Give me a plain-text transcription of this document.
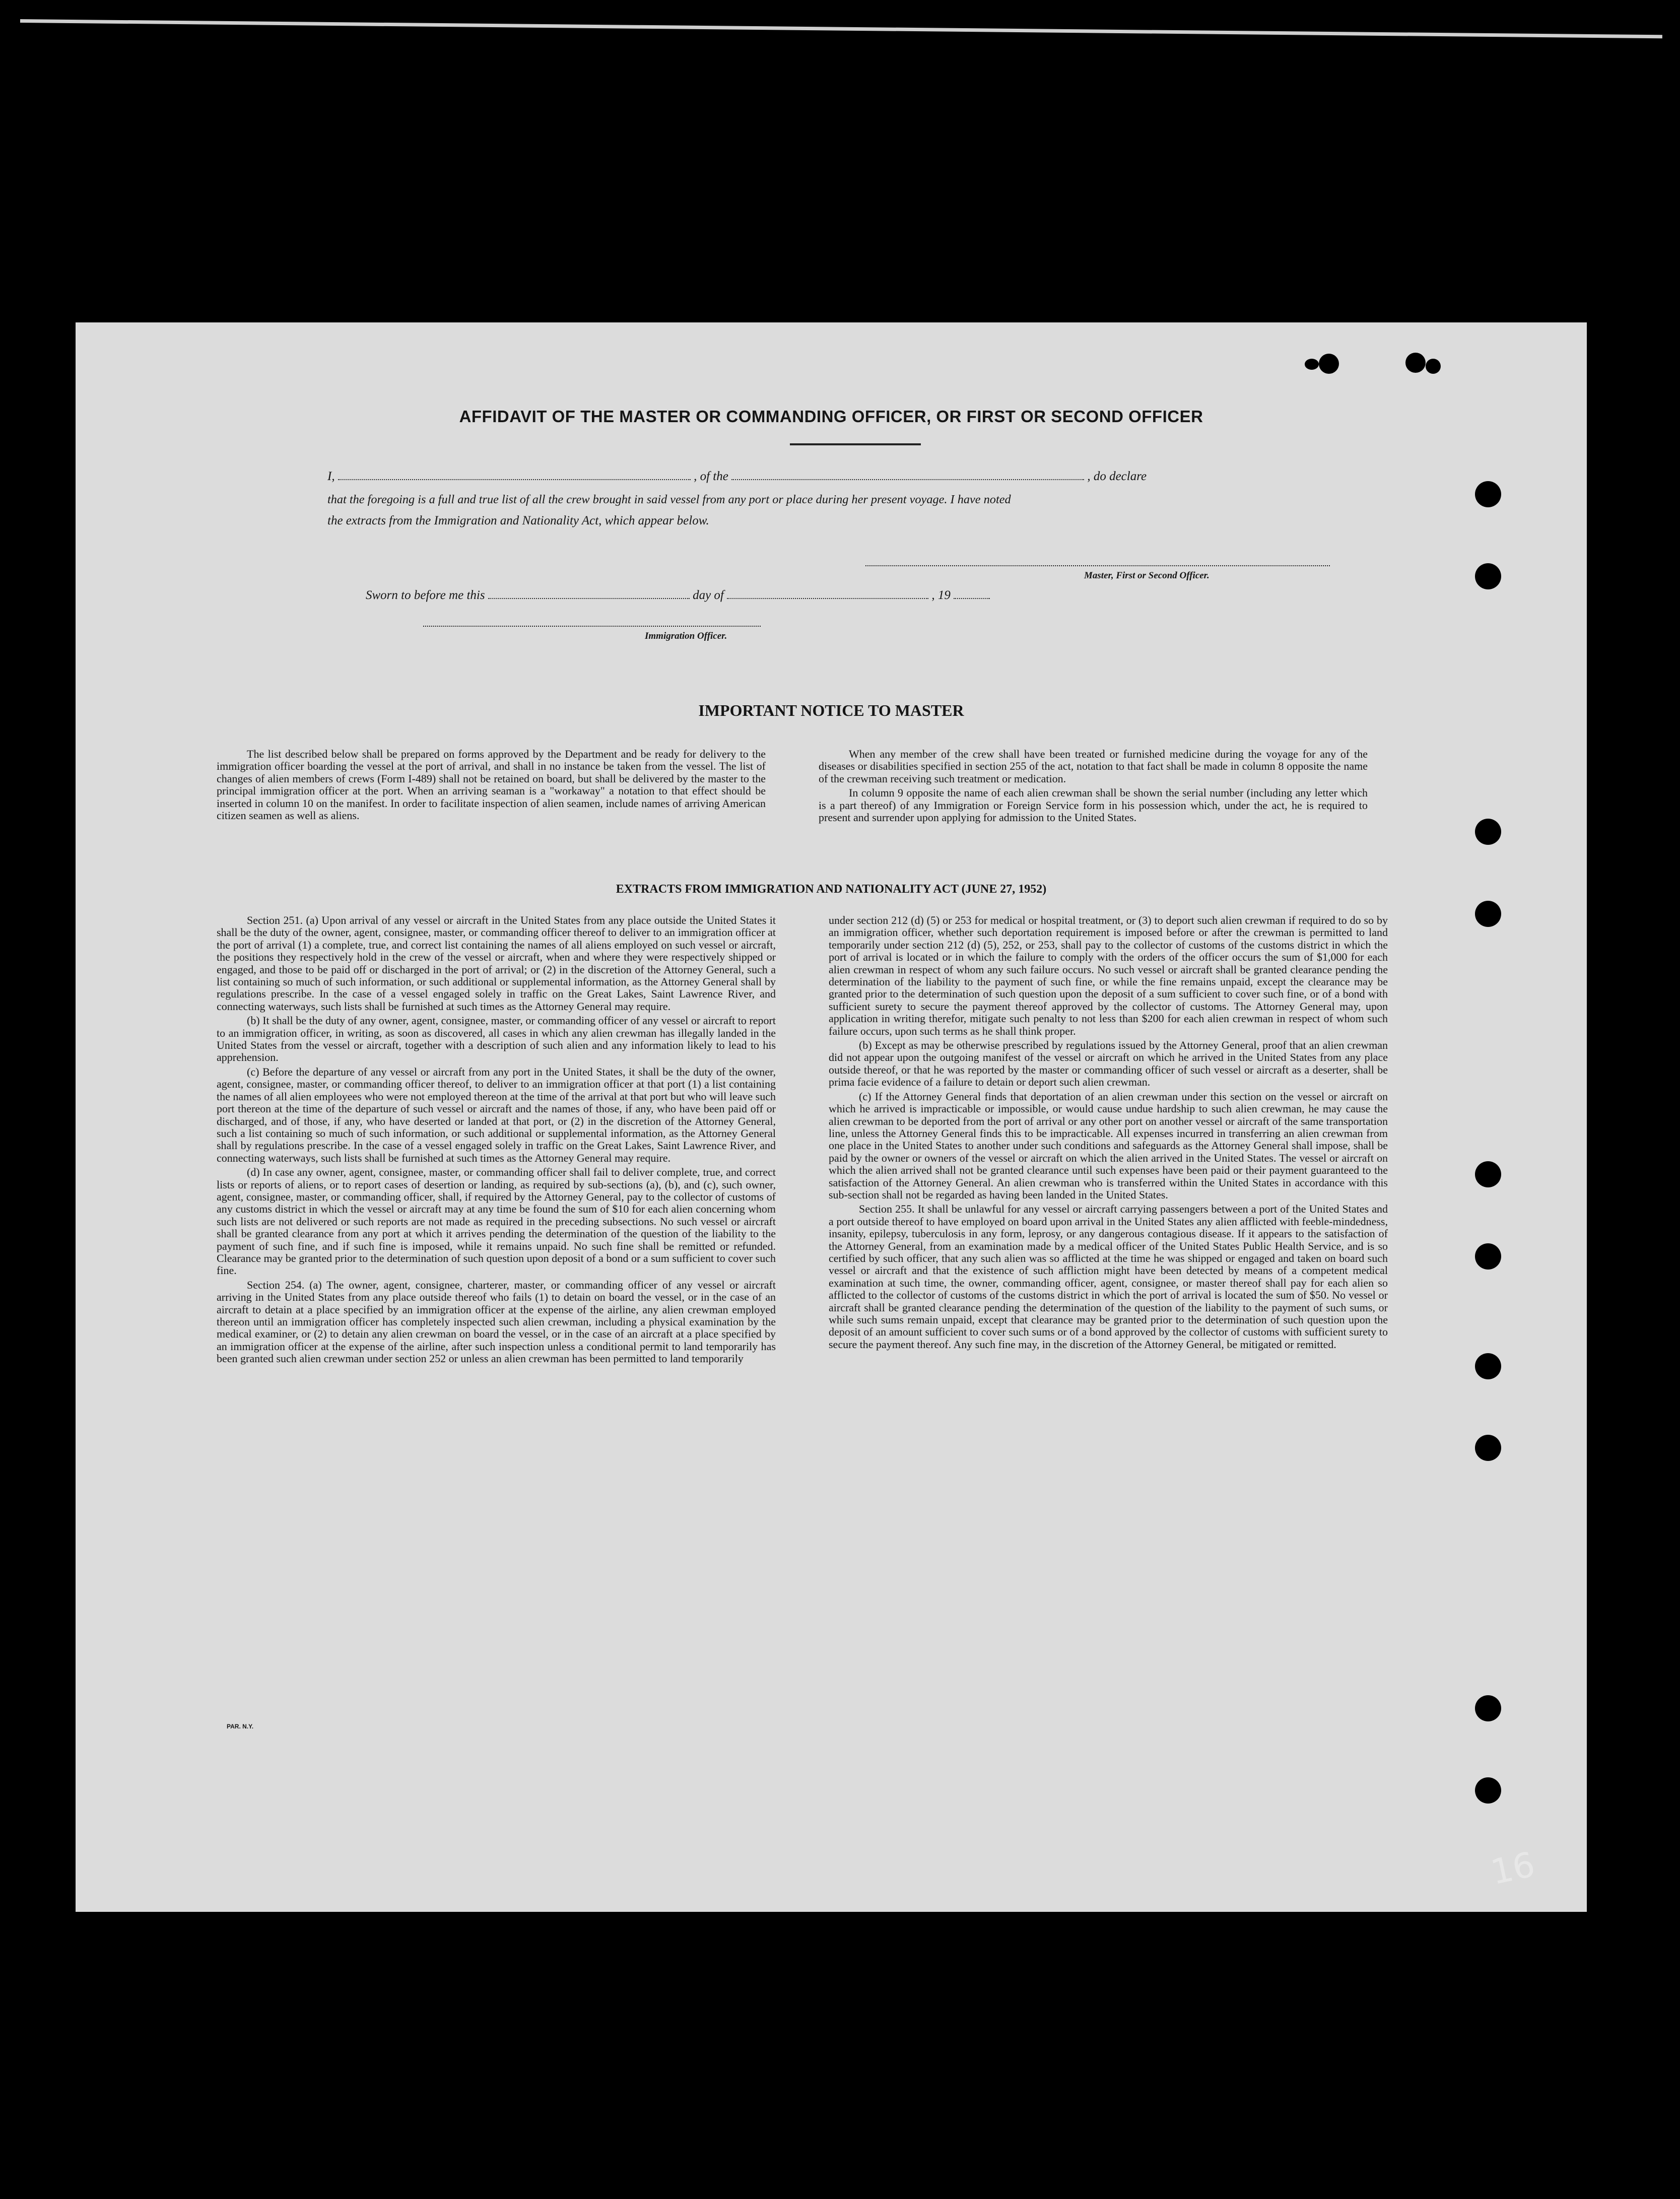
AFFIDAVIT OF THE MASTER OR COMMANDING OFFICER, OR FIRST OR SECOND OFFICER
I,	, of the	, do declare
that the foregoing is a full and true list of all the crew brought in said vessel from any port or place during her present voyage. I have noted
the extracts from the Immigration and Nationality Act, which appear below.
Master, First or Second Officer.
Sworn to before me this	day of	, 19
Immigration Officer.
IMPORTANT NOTICE TO MASTER

The list described below shall be prepared on forms approved by the Department and be ready for delivery to the immigration officer boarding the vessel at the port of arrival, and shall in no instance be taken from the vessel. The list of changes of alien members of crews (Form I-489) shall not be retained on board, but shall be delivered by the master to the principal immigration officer at the port. When an arriving seaman is a "workaway" a notation to that effect should be inserted in column 10 on the manifest. In order to facilitate inspection of alien seamen, include names of arriving American citizen seamen as well as aliens.

When any member of the crew shall have been treated or furnished medicine during the voyage for any of the diseases or disabilities specified in section 255 of the act, notation to that fact shall be made in column 8 opposite the name of the crewman receiving such treatment or medication.

In column 9 opposite the name of each alien crewman shall be shown the serial number (including any letter which is a part thereof) of any Immigration or Foreign Service form in his possession which, under the act, he is required to present and surrender upon applying for admission to the United States.

EXTRACTS FROM IMMIGRATION AND NATIONALITY ACT (JUNE 27, 1952)

Section 251. (a) Upon arrival of any vessel or aircraft in the United States from any place outside the United States it shall be the duty of the owner, agent, consignee, master, or commanding officer thereof to deliver to an immigration officer at the port of arrival (1) a complete, true, and correct list containing the names of all aliens employed on such vessel or aircraft, the positions they respectively hold in the crew of the vessel or aircraft, when and where they were respectively shipped or engaged, and those to be paid off or discharged in the port of arrival; or (2) in the discretion of the Attorney General, such a list containing so much of such information, or such additional or supplemental information, as the Attorney General shall by regulations prescribe. In the case of a vessel engaged solely in traffic on the Great Lakes, Saint Lawrence River, and connecting waterways, such lists shall be furnished at such times as the Attorney General may require.

(b) It shall be the duty of any owner, agent, consignee, master, or commanding officer of any vessel or aircraft to report to an immigration officer, in writing, as soon as discovered, all cases in which any alien crewman has illegally landed in the United States from the vessel or aircraft, together with a description of such alien and any information likely to lead to his apprehension.

(c) Before the departure of any vessel or aircraft from any port in the United States, it shall be the duty of the owner, agent, consignee, master, or commanding officer thereof, to deliver to an immigration officer at that port (1) a list containing the names of all alien employees who were not employed thereon at the time of the arrival at that port but who will leave such port thereon at the time of the departure of such vessel or aircraft and the names of those, if any, who have been paid off or discharged, and of those, if any, who have deserted or landed at that port, or (2) in the discretion of the Attorney General, such a list containing so much of such information, or such additional or supplemental information, as the Attorney General shall by regulations prescribe. In the case of a vessel engaged solely in traffic on the Great Lakes, Saint Lawrence River, and connecting waterways, such lists shall be furnished at such times as the Attorney General may require.

(d) In case any owner, agent, consignee, master, or commanding officer shall fail to deliver complete, true, and correct lists or reports of aliens, or to report cases of desertion or landing, as required by sub-sections (a), (b), and (c), such owner, agent, consignee, master, or commanding officer, shall, if required by the Attorney General, pay to the collector of customs of any customs district in which the vessel or aircraft may at any time be found the sum of $10 for each alien concerning whom such lists are not delivered or such reports are not made as required in the preceding subsections. No such vessel or aircraft shall be granted clearance from any port at which it arrives pending the determination of the question of the liability to the payment of such fine, and if such fine is imposed, while it remains unpaid. No such fine shall be remitted or refunded. Clearance may be granted prior to the determination of such question upon deposit of a bond or a sum sufficient to cover such fine.

Section 254. (a) The owner, agent, consignee, charterer, master, or commanding officer of any vessel or aircraft arriving in the United States from any place outside thereof who fails (1) to detain on board the vessel, or in the case of an aircraft to detain at a place specified by an immigration officer at the expense of the airline, any alien crewman employed thereon until an immigration officer has completely inspected such alien crewman, including a physical examination by the medical examiner, or (2) to detain any alien crewman on board the vessel, or in the case of an aircraft at a place specified by an immigration officer at the expense of the airline, after such inspection unless a conditional permit to land temporarily has been granted such alien crewman under section 252 or unless an alien crewman has been permitted to land temporarily

under section 212 (d) (5) or 253 for medical or hospital treatment, or (3) to deport such alien crewman if required to do so by an immigration officer, whether such deportation requirement is imposed before or after the crewman is permitted to land temporarily under section 212 (d) (5), 252, or 253, shall pay to the collector of customs of the customs district in which the port of arrival is located or in which the failure to comply with the orders of the officer occurs the sum of $1,000 for each alien crewman in respect of whom any such failure occurs. No such vessel or aircraft shall be granted clearance pending the determination of the liability to the payment of such fine, or while the fine remains unpaid, except the clearance may be granted prior to the determination of such question upon the deposit of a sum sufficient to cover such fine, or of a bond with sufficient surety to secure the payment thereof approved by the collector of customs. The Attorney General may, upon application in writing therefor, mitigate such penalty to not less than $200 for each alien crewman in respect of whom such failure occurs, upon such terms as he shall think proper.

(b) Except as may be otherwise prescribed by regulations issued by the Attorney General, proof that an alien crewman did not appear upon the outgoing manifest of the vessel or aircraft on which he arrived in the United States from any place outside thereof, or that he was reported by the master or commanding officer of such vessel or aircraft as a deserter, shall be prima facie evidence of a failure to detain or deport such alien crewman.

(c) If the Attorney General finds that deportation of an alien crewman under this section on the vessel or aircraft on which he arrived is impracticable or impossible, or would cause undue hardship to such alien crewman, he may cause the alien crewman to be deported from the port of arrival or any other port on another vessel or aircraft of the same transportation line, unless the Attorney General finds this to be impracticable. All expenses incurred in transferring an alien crewman from one place in the United States to another under such conditions and safeguards as the Attorney General shall impose, shall be paid by the owner or owners of the vessel or aircraft on which the alien arrived in the United States. The vessel or aircraft on which the alien arrived shall not be granted clearance until such expenses have been paid or their payment guaranteed to the satisfaction of the Attorney General. An alien crewman who is transferred within the United States in accordance with this sub-section shall not be regarded as having been landed in the United States.

Section 255. It shall be unlawful for any vessel or aircraft carrying passengers between a port of the United States and a port outside thereof to have employed on board upon arrival in the United States any alien afflicted with feeble-mindedness, insanity, epilepsy, tuberculosis in any form, leprosy, or any dangerous contagious disease. If it appears to the satisfaction of the Attorney General, from an examination made by a medical officer of the United States Public Health Service, and is so certified by such officer, that any such alien was so afflicted at the time he was shipped or engaged and taken on board such vessel or aircraft and that the existence of such affliction might have been detected by means of a competent medical examination at such time, the owner, commanding officer, agent, consignee, or master thereof shall pay for each alien so afflicted to the collector of customs of the customs district in which the port of arrival is located the sum of $50. No vessel or aircraft shall be granted clearance pending the determination of the question of the liability to the payment of such sums, or while such sums remain unpaid, except that clearance may be granted prior to the determination of such question upon the deposit of an amount sufficient to cover such sums or of a bond approved by the collector of customs with sufficient surety to secure the payment thereof. Any such fine may, in the discretion of the Attorney General, be mitigated or remitted.

PAR. N.Y.
16
